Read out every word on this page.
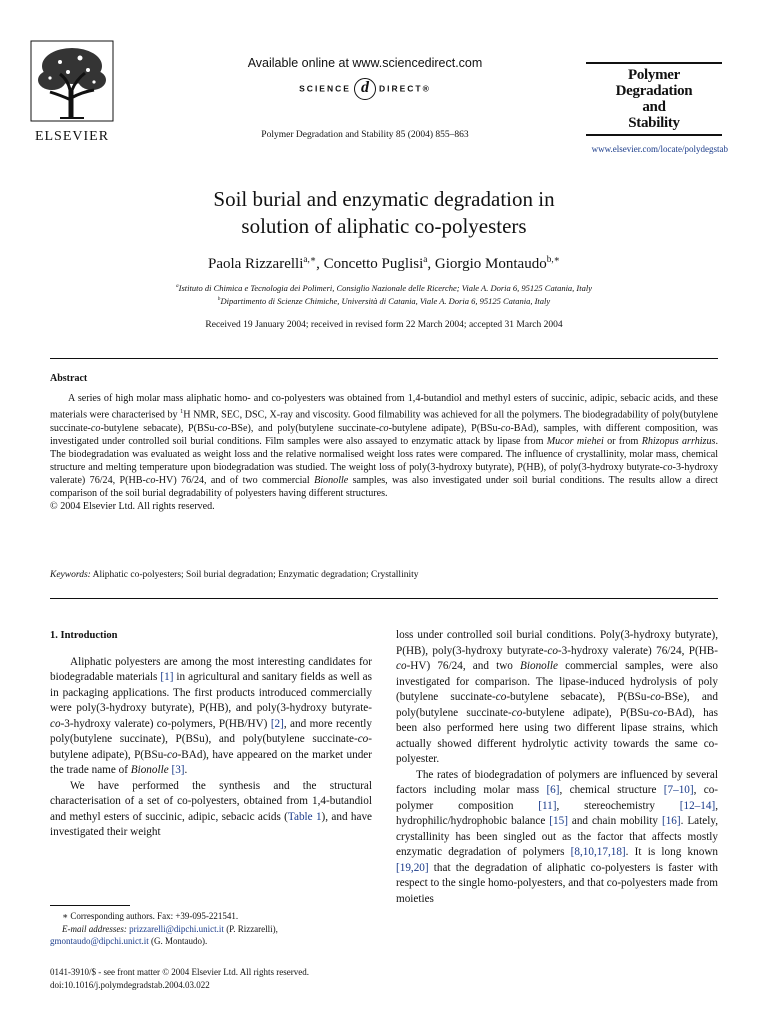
ELSEVIER
Available online at www.sciencedirect.com
SCIENCE d DIRECT®
Polymer Degradation and Stability 85 (2004) 855–863
Polymer
Degradation
and
Stability
www.elsevier.com/locate/polydegstab
Soil burial and enzymatic degradation in
solution of aliphatic co-polyesters
Paola Rizzarelli$^{a,∗}$, Concetto Puglisi$^a$, Giorgio Montaudo$^{b,∗}$
$^a$Istituto di Chimica e Tecnologia dei Polimeri, Consiglio Nazionale delle Ricerche; Viale A. Doria 6, 95125 Catania, Italy
$^b$Dipartimento di Scienze Chimiche, Università di Catania, Viale A. Doria 6, 95125 Catania, Italy
Received 19 January 2004; received in revised form 22 March 2004; accepted 31 March 2004
Abstract
A series of high molar mass aliphatic homo- and co-polyesters was obtained from 1,4-butandiol and methyl esters of succinic, adipic, sebacic acids, and these materials were characterised by $^1$H NMR, SEC, DSC, X-ray and viscosity. Good filmability was achieved for all the polymers. The biodegradability of poly(butylene succinate-co-butylene sebacate), P(BSu-co-BSe), and poly(butylene succinate-co-butylene adipate), P(BSu-co-BAd), samples, with different composition, was investigated under controlled soil burial conditions. Film samples were also assayed to enzymatic attack by lipase from Mucor miehei or from Rhizopus arrhizus. The biodegradation was evaluated as weight loss and the relative normalised weight loss rates were compared. The influence of crystallinity, molar mass, chemical structure and melting temperature upon biodegradation was studied. The weight loss of poly(3-hydroxy butyrate), P(HB), of poly(3-hydroxy butyrate-co-3-hydroxy valerate) 76/24, P(HB-co-HV) 76/24, and of two commercial Bionolle samples, was also investigated under soil burial conditions. The results allow a direct comparison of the soil burial degradability of polyesters having different structures.
© 2004 Elsevier Ltd. All rights reserved.
Keywords: Aliphatic co-polyesters; Soil burial degradation; Enzymatic degradation; Crystallinity
1. Introduction

Aliphatic polyesters are among the most interesting candidates for biodegradable materials [1] in agricultural and sanitary fields as well as in packaging applications. The first products introduced commercially were poly(3-hydroxy butyrate), P(HB), and poly(3-hydroxy butyrate-co-3-hydroxy valerate) co-polymers, P(HB/HV) [2], and more recently poly(butylene succinate), P(BSu), and poly(butylene succinate-co-butylene adipate), P(BSu-co-BAd), have appeared on the market under the trade name of Bionolle [3].

We have performed the synthesis and the structural characterisation of a set of co-polyesters, obtained from 1,4-butandiol and methyl esters of succinic, adipic, sebacic acids (Table 1), and have investigated their weight

∗ Corresponding authors. Fax: +39-095-221541.
E-mail addresses: prizzarelli@dipchi.unict.it (P. Rizzarelli), gmontaudo@dipchi.unict.it (G. Montaudo).
0141-3910/$ - see front matter © 2004 Elsevier Ltd. All rights reserved.
doi:10.1016/j.polymdegradstab.2004.03.022

loss under controlled soil burial conditions. Poly(3-hydroxy butyrate), P(HB), poly(3-hydroxy butyrate-co-3-hydroxy valerate) 76/24, P(HB-co-HV) 76/24, and two Bionolle commercial samples, were also investigated for comparison. The lipase-induced hydrolysis of poly (butylene succinate-co-butylene sebacate), P(BSu-co-BSe), and poly(butylene succinate-co-butylene adipate), P(BSu-co-BAd), has been also performed here using two different lipase strains, which actually showed different hydrolytic activity towards the same co-polyester.

The rates of biodegradation of polymers are influenced by several factors including molar mass [6], chemical structure [7–10], co-polymer composition [11], stereochemistry [12–14], hydrophilic/hydrophobic balance [15] and chain mobility [16]. Lately, crystallinity has been singled out as the factor that affects mostly enzymatic degradation of polymers [8,10,17,18]. It is long known [19,20] that the degradation of aliphatic co-polyesters is faster with respect to the single homo-polyesters, and that co-polyesters made from moieties
